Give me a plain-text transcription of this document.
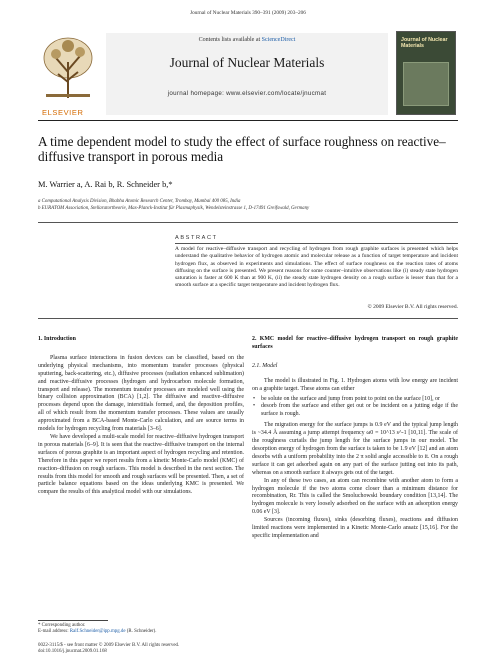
Journal of Nuclear Materials 390–391 (2009) 203–206
ELSEVIER
Contents lists available at ScienceDirect
Journal of Nuclear Materials
journal homepage: www.elsevier.com/locate/jnucmat
Journal of Nuclear Materials
A time dependent model to study the effect of surface roughness on reactive–diffusive transport in porous media
M. Warrier a, A. Rai b, R. Schneider b,*
a Computational Analysis Division, Bhabha Atomic Research Center, Trombay, Mumbai 400 085, India
b EURATOM Association, Stellaratortheorie, Max-Planck-Institut für Plasmaphysik, Wendelsteinstrasse 1, D-17491 Greifswald, Germany
ABSTRACT
A model for reactive–diffusive transport and recycling of hydrogen from rough graphite surfaces is presented which helps understand the qualitative behavior of hydrogen atomic and molecular release as a function of target temperature and incident hydrogen flux, as observed in experiments and simulations. The effect of surface roughness on the reaction rates of atoms diffusing on the surface is presented. We present reasons for some counter–intuitive observations like (i) steady state hydrogen saturation is faster at 600 K than at 900 K, (ii) the steady state hydrogen density on a rough surface is lesser than that for a smooth surface at a specific target temperature and incident hydrogen flux.
© 2009 Elsevier B.V. All rights reserved.
1. Introduction

Plasma surface interactions in fusion devices can be classified, based on the underlying physical mechanisms, into momentum transfer processes (physical sputtering, back-scattering, etc.), diffusive processes (radiation enhanced sublimation) and reactive–diffusive processes (hydrogen and hydrocarbon molecule formation, transport and release). The momentum transfer processes are modeled well using the binary collision approximation (BCA) [1,2]. The diffusive and reactive–diffusive processes depend upon the damage, interstitials formed, and, the deposition profiles, all of which result from the momentum transfer processes. These values are usually approximated from a BCA-based Monte-Carlo calculation, and are source terms in models for hydrogen recycling from materials [3–6].

We have developed a multi-scale model for reactive–diffusive hydrogen transport in porous materials [6–9]. It is seen that the reactive–diffusive transport on the internal surfaces of porous graphite is an important aspect of hydrogen recycling and retention. Therefore in this paper we report results from a kinetic Monte-Carlo model (KMC) of reaction–diffusion on rough surfaces. This model is described in the next section. The results from this model for smooth and rough surfaces will be presented. Then, a set of particle balance equations based on the ideas underlying KMC is presented. We compare the results of this analytical model with our simulations.

2. KMC model for reactive–diffusive hydrogen transport on rough graphite surfaces
2.1. Model

The model is illustrated in Fig. 1. Hydrogen atoms with low energy are incident on a graphite target. These atoms can either

• be solute on the surface and jump from point to point on the surface [10], or
• desorb from the surface and either get out or be incident on a jutting edge if the surface is rough.

The migration energy for the surface jumps is 0.9 eV and the typical jump length is ~34.4 Å assuming a jump attempt frequency ω0 = 10^13 s^-1 [10,11]. The scale of the roughness curtails the jump length for the surface jumps in our model. The desorption energy of hydrogen from the surface is taken to be 1.9 eV [12] and an atom desorbs with a uniform probability into the 2 π solid angle accessible to it. On a rough surface it can get adsorbed again on any part of the surface jutting out into its path, whereas on a smooth surface it always gets out of the target.

In any of these two cases, an atom can recombine with another atom to form a hydrogen molecule if the two atoms come closer than a minimum distance for recombination, Rr. This is called the Smoluchowski boundary condition [13,14]. The hydrogen molecule is very loosely adsorbed on the surface with an adsorption energy 0.06 eV [3].

Sources (incoming fluxes), sinks (desorbing fluxes), reactions and diffusion limited reactions were implemented in a Kinetic Monte-Carlo ansatz [15,16]. For the specific implementation and

* Corresponding author.
E-mail address: Ralf.Schneider@ipp.mpg.de (R. Schneider).
0022-3115/$ - see front matter © 2009 Elsevier B.V. All rights reserved.
doi:10.1016/j.jnucmat.2009.01.168
